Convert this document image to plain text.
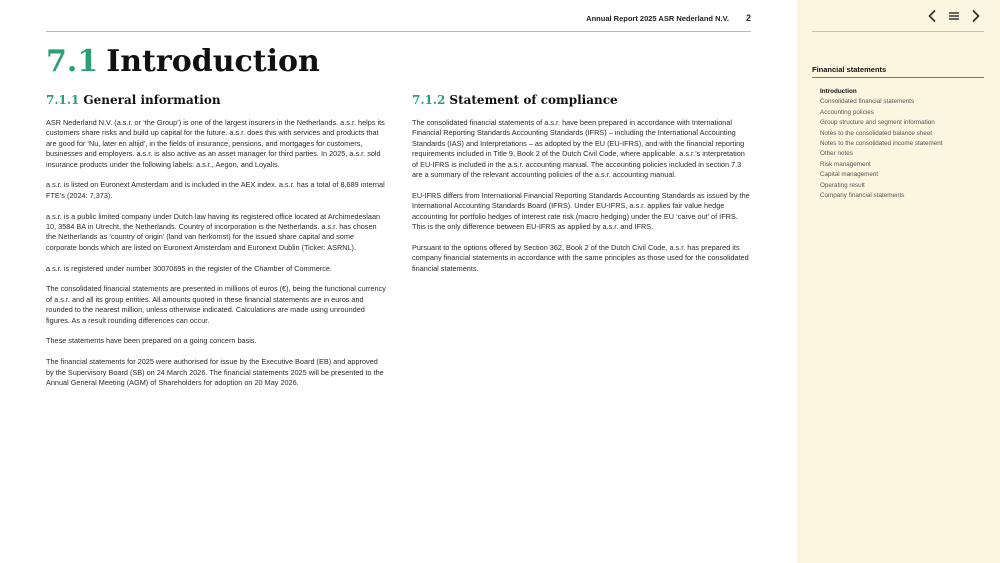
Annual Report 2025 ASR Nederland N.V. 2
7.1 Introduction
7.1.1 General information

ASR Nederland N.V. (a.s.r. or ‘the Group’) is one of the largest insurers in the Netherlands. a.s.r. helps its customers share risks and build up capital for the future. a.s.r. does this with services and products that are good for ‘Nu, later en altijd’, in the fields of insurance, pensions, and mortgages for customers, businesses and employers. a.s.r. is also active as an asset manager for third parties. In 2025, a.s.r. sold insurance products under the following labels: a.s.r., Aegon, and Loyalis.

a.s.r. is listed on Euronext Amsterdam and is included in the AEX index. a.s.r. has a total of 8,689 internal FTE’s (2024: 7,373).

a.s.r. is a public limited company under Dutch law having its registered office located at Archimedeslaan 10, 3584 BA in Utrecht, the Netherlands. Country of incorporation is the Netherlands. a.s.r. has chosen the Netherlands as ‘country of origin’ (land van herkomst) for the issued share capital and some corporate bonds which are listed on Euronext Amsterdam and Euronext Dublin (Ticker: ASRNL).

a.s.r. is registered under number 30070695 in the register of the Chamber of Commerce.

The consolidated financial statements are presented in millions of euros (€), being the functional currency of a.s.r. and all its group entities. All amounts quoted in these financial statements are in euros and rounded to the nearest million, unless otherwise indicated. Calculations are made using unrounded figures. As a result rounding differences can occur.

These statements have been prepared on a going concern basis.

The financial statements for 2025 were authorised for issue by the Executive Board (EB) and approved by the Supervisory Board (SB) on 24 March 2026. The financial statements 2025 will be presented to the Annual General Meeting (AGM) of Shareholders for adoption on 20 May 2026.

7.1.2 Statement of compliance

The consolidated financial statements of a.s.r. have been prepared in accordance with International Financial Reporting Standards Accounting Standards (IFRS) – including the International Accounting Standards (IAS) and Interpretations – as adopted by the EU (EU-IFRS), and with the financial reporting requirements included in Title 9, Book 2 of the Dutch Civil Code, where applicable. a.s.r.’s interpretation of EU-IFRS is included in the a.s.r. accounting manual. The accounting policies included in section 7.3 are a summary of the relevant accounting policies of the a.s.r. accounting manual.

EU-IFRS differs from International Financial Reporting Standards Accounting Standards as issued by the International Accounting Standards Board (IFRS). Under EU-IFRS, a.s.r. applies fair value hedge accounting for portfolio hedges of interest rate risk (macro hedging) under the EU ‘carve out’ of IFRS. This is the only difference between EU-IFRS as applied by a.s.r. and IFRS.

Pursuant to the options offered by Section 362, Book 2 of the Dutch Civil Code, a.s.r. has prepared its company financial statements in accordance with the same principles as those used for the consolidated financial statements.

Financial statements
Introduction
Consolidated financial statements
Accounting policies
Group structure and segment information
Notes to the consolidated balance sheet
Notes to the consolidated income statement
Other notes
Risk management
Capital management
Operating result
Company financial statements
